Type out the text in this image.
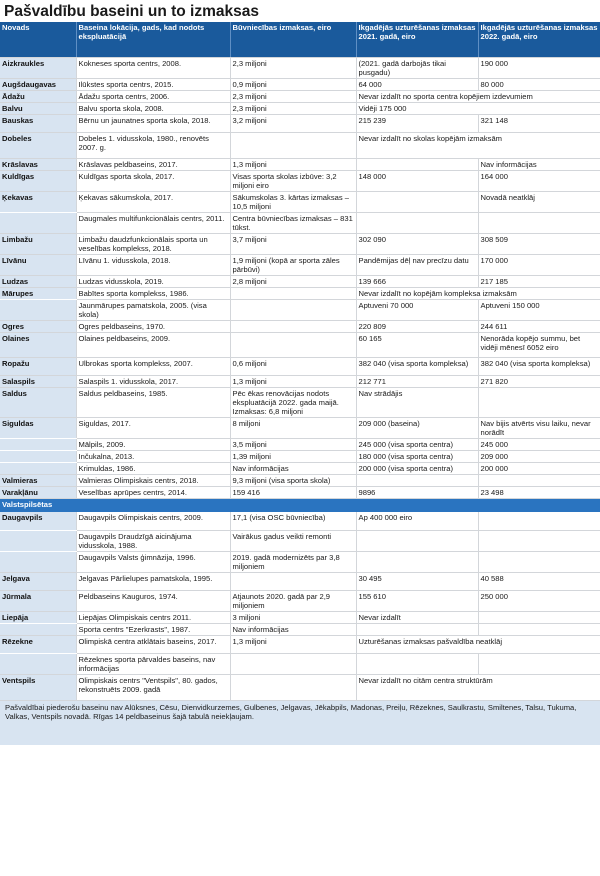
Pašvaldību baseini un to izmaksas
Novads	Baseina lokācija, gads, kad nodots ekspluatācijā	Būvniecības izmaksas, eiro	Ikgadējās uzturēšanas izmaksas 2021. gadā, eiro	Ikgadējās uzturēšanas izmaksas 2022. gadā, eiro
Aizkraukles	Kokneses sporta centrs, 2008.	2,3 miljoni	(2021. gadā darbojās tikai pusgadu)	190 000
Augšdaugavas	Ilūkstes sporta centrs, 2015.	0,9 miljoni	64 000	80 000
Ādažu	Ādažu sporta centrs, 2006.	2,3 miljoni	Nevar izdalīt no sporta centra kopējiem izdevumiem	
Balvu	Balvu sporta skola, 2008.	2,3 miljoni	Vidēji 175 000	
Bauskas	Bērnu un jaunatnes sporta skola, 2018.	3,2 miljoni	215 239	321 148
Dobeles	Dobeles 1. vidusskola, 1980., renovēts 2007. g.		Nevar izdalīt no skolas kopējām izmaksām	
Krāslavas	Krāslavas peldbaseins, 2017.	1,3 miljoni		Nav informācijas
Kuldīgas	Kuldīgas sporta skola, 2017.	Visas sporta skolas izbūve: 3,2 miljoni eiro	148 000	164 000
Ķekavas	Ķekavas sākumskola, 2017.	Sākumskolas 3. kārtas izmaksas – 10,5 miljoni		Novadā neatklāj
	Daugmales multifunkcionālais centrs, 2011.	Centra būvniecības izmaksas – 831 tūkst.		
Limbažu	Limbažu daudzfunkcionālais sporta un veselības komplekss, 2018.	3,7 miljoni	302 090	308 509
Līvānu	Līvānu 1. vidusskola, 2018.	1,9 miljoni (kopā ar sporta zāles pārbūvi)	Pandēmijas dēļ nav precīzu datu	170 000
Ludzas	Ludzas vidusskola, 2019.	2,8 miljoni	139 666	217 185
Mārupes	Babītes sporta komplekss, 1986.		Nevar izdalīt no kopējām kompleksa izmaksām	
	Jaunmārupes pamatskola, 2005. (visa skola)		Aptuveni 70 000	Aptuveni 150 000
Ogres	Ogres peldbaseins, 1970.		220 809	244 611
Olaines	Olaines peldbaseins, 2009.		60 165	Nenorāda kopējo summu, bet vidēji mēnesī 6052 eiro
Ropažu	Ulbrokas sporta komplekss, 2007.	0,6 miljoni	382 040 (visa sporta kompleksa)	382 040 (visa sporta kompleksa)
Salaspils	Salaspils 1. vidusskola, 2017.	1,3 miljoni	212 771	271 820
Saldus	Saldus peldbaseins, 1985.	Pēc ēkas renovācijas nodots ekspluatācijā 2022. gada maijā. Izmaksas: 6,8 miljoni	Nav strādājis	
Siguldas	Siguldas, 2017.	8 miljoni	209 000 (baseina)	Nav bijis atvērts visu laiku, nevar norādīt
	Mālpils, 2009.	3,5 miljoni	245 000 (visa sporta centra)	245 000
	Inčukalna, 2013.	1,39 miljoni	180 000 (visa sporta centra)	209 000
	Krimuldas, 1986.	Nav informācijas	200 000 (visa sporta centra)	200 000
Valmieras	Valmieras Olimpiskais centrs, 2018.	9,3 miljoni (visa sporta skola)		
Varakļānu	Veselības aprūpes centrs, 2014.	159 416	9896	23 498
Valstspilsētas				
Daugavpils	Daugavpils Olimpiskais centrs, 2009.	17,1 (visa OSC būvniecība)	Ap 400 000 eiro	
	Daugavpils Draudzīgā aicinājuma vidusskola, 1988.	Vairākus gadus veikti remonti		
	Daugavpils Valsts ģimnāzija, 1996.	2019. gadā modernizēts par 3,8 miljoniem		
Jelgava	Jelgavas Pārlielupes pamatskola, 1995.		30 495	40 588
Jūrmala	Peldbaseins Kauguros, 1974.	Atjaunots 2020. gadā par 2,9 miljoniem	155 610	250 000
Liepāja	Liepājas Olimpiskais centrs 2011.	3 miljoni	Nevar izdalīt	
	Sporta centrs "Ezerkrasts", 1987.	Nav informācijas		
Rēzekne	Olimpiskā centra atklātais baseins, 2017.	1,3 miljoni	Uzturēšanas izmaksas pašvaldība neatklāj	
	Rēzeknes sporta pārvaldes baseins, nav informācijas			
Ventspils	Olimpiskais centrs "Ventspils", 80. gados, rekonstruēts 2009. gadā		Nevar izdalīt no citām centra struktūrām	
Pašvaldībai piederošu baseinu nav Alūksnes, Cēsu, Dienvidkurzemes, Gulbenes, Jelgavas, Jēkabpils, Madonas, Preiļu, Rēzeknes, Saulkrastu, Smiltenes, Talsu, Tukuma, Valkas, Ventspils novadā. Rīgas 14 peldbaseinus šajā tabulā neiekļaujam.
